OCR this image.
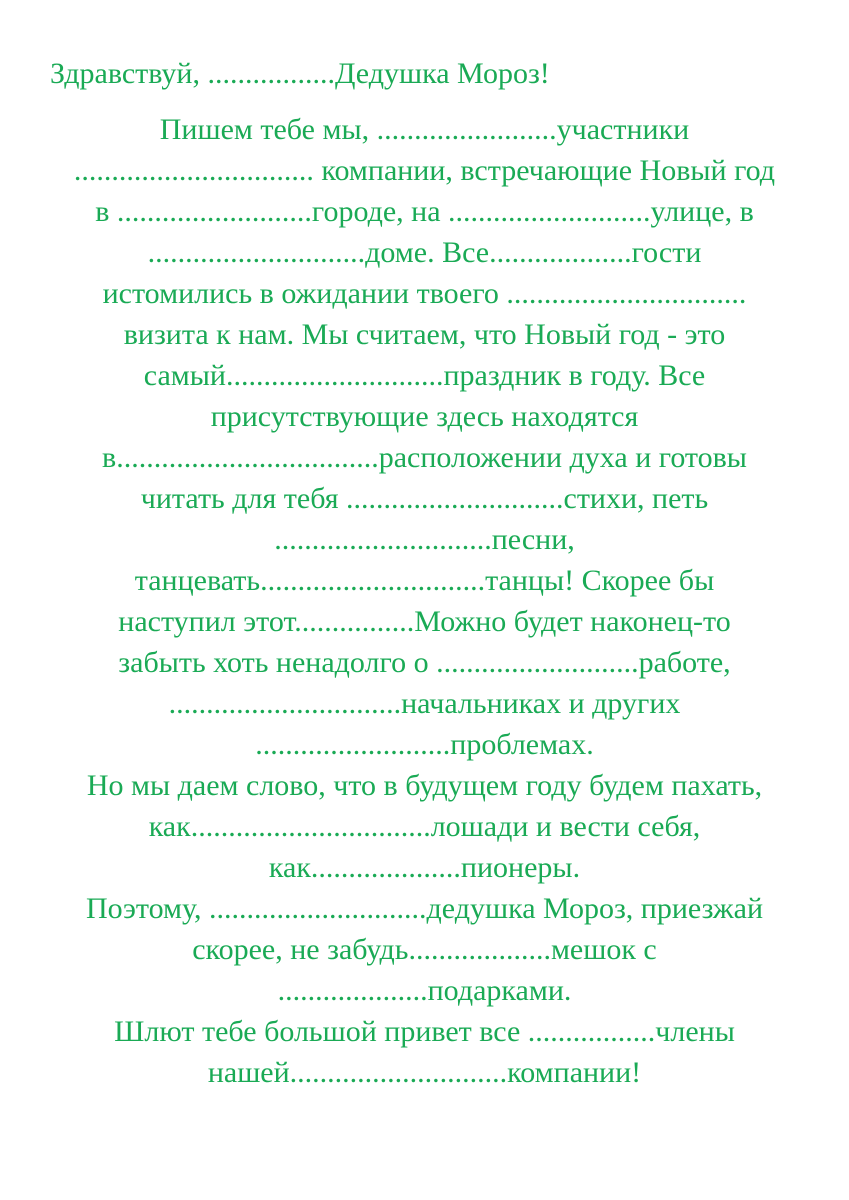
Здравствуй, .................Дедушка Мороз!
Пишем тебе мы, ........................участники
................................ компании, встречающие Новый год
в ..........................городе, на ...........................улице, в
.............................доме. Все...................гости
истомились в ожидании твоего ................................
визита к нам. Мы считаем, что Новый год - это
самый.............................праздник в году. Все
присутствующие здесь находятся
в...................................расположении духа и готовы
читать для тебя .............................стихи, петь
.............................песни,
танцевать..............................танцы! Скорее бы
наступил этот................Можно будет наконец-то
забыть хоть ненадолго о ...........................работе,
...............................начальниках и других
..........................проблемах.
Но мы даем слово, что в будущем году будем пахать,
как................................лошади и вести себя,
как....................пионеры.
Поэтому, .............................дедушка Мороз, приезжай
скорее, не забудь...................мешок с
....................подарками.
Шлют тебе большой привет все .................члены
нашей.............................компании!
